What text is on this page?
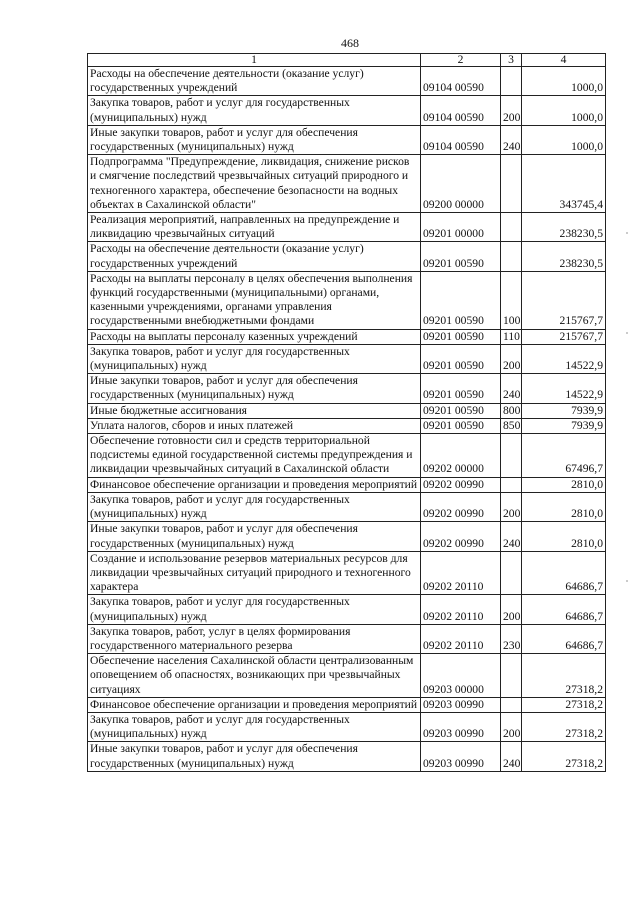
468
1	2	3	4
Расходы на обеспечение деятельности (оказание услуг) государственных учреждений	09104 00590		1000,0
Закупка товаров, работ и услуг для государственных (муниципальных) нужд	09104 00590	200	1000,0
Иные закупки товаров, работ и услуг для обеспечения государственных (муниципальных) нужд	09104 00590	240	1000,0
Подпрограмма "Предупреждение, ликвидация, снижение рисков и смягчение последствий чрезвычайных ситуаций природного и техногенного характера, обеспечение безопасности на водных объектах в Сахалинской области"	09200 00000		343745,4
Реализация мероприятий, направленных на предупреждение и ликвидацию чрезвычайных ситуаций	09201 00000		238230,5
Расходы на обеспечение деятельности (оказание услуг) государственных учреждений	09201 00590		238230,5
Расходы на выплаты персоналу в целях обеспечения выполнения функций государственными (муниципальными) органами, казенными учреждениями, органами управления государственными внебюджетными фондами	09201 00590	100	215767,7
Расходы на выплаты персоналу казенных учреждений	09201 00590	110	215767,7
Закупка товаров, работ и услуг для государственных (муниципальных) нужд	09201 00590	200	14522,9
Иные закупки товаров, работ и услуг для обеспечения государственных (муниципальных) нужд	09201 00590	240	14522,9
Иные бюджетные ассигнования	09201 00590	800	7939,9
Уплата налогов, сборов и иных платежей	09201 00590	850	7939,9
Обеспечение готовности сил и средств территориальной подсистемы единой государственной системы предупреждения и ликвидации чрезвычайных ситуаций в Сахалинской области	09202 00000		67496,7
Финансовое обеспечение организации и проведения мероприятий	09202 00990		2810,0
Закупка товаров, работ и услуг для государственных (муниципальных) нужд	09202 00990	200	2810,0
Иные закупки товаров, работ и услуг для обеспечения государственных (муниципальных) нужд	09202 00990	240	2810,0
Создание и использование резервов материальных ресурсов для ликвидации чрезвычайных ситуаций природного и техногенного характера	09202 20110		64686,7
Закупка товаров, работ и услуг для государственных (муниципальных) нужд	09202 20110	200	64686,7
Закупка товаров, работ, услуг в целях формирования государственного материального резерва	09202 20110	230	64686,7
Обеспечение населения Сахалинской области централизованным оповещением об опасностях, возникающих при чрезвычайных ситуациях	09203 00000		27318,2
Финансовое обеспечение организации и проведения мероприятий	09203 00990		27318,2
Закупка товаров, работ и услуг для государственных (муниципальных) нужд	09203 00990	200	27318,2
Иные закупки товаров, работ и услуг для обеспечения государственных (муниципальных) нужд	09203 00990	240	27318,2
